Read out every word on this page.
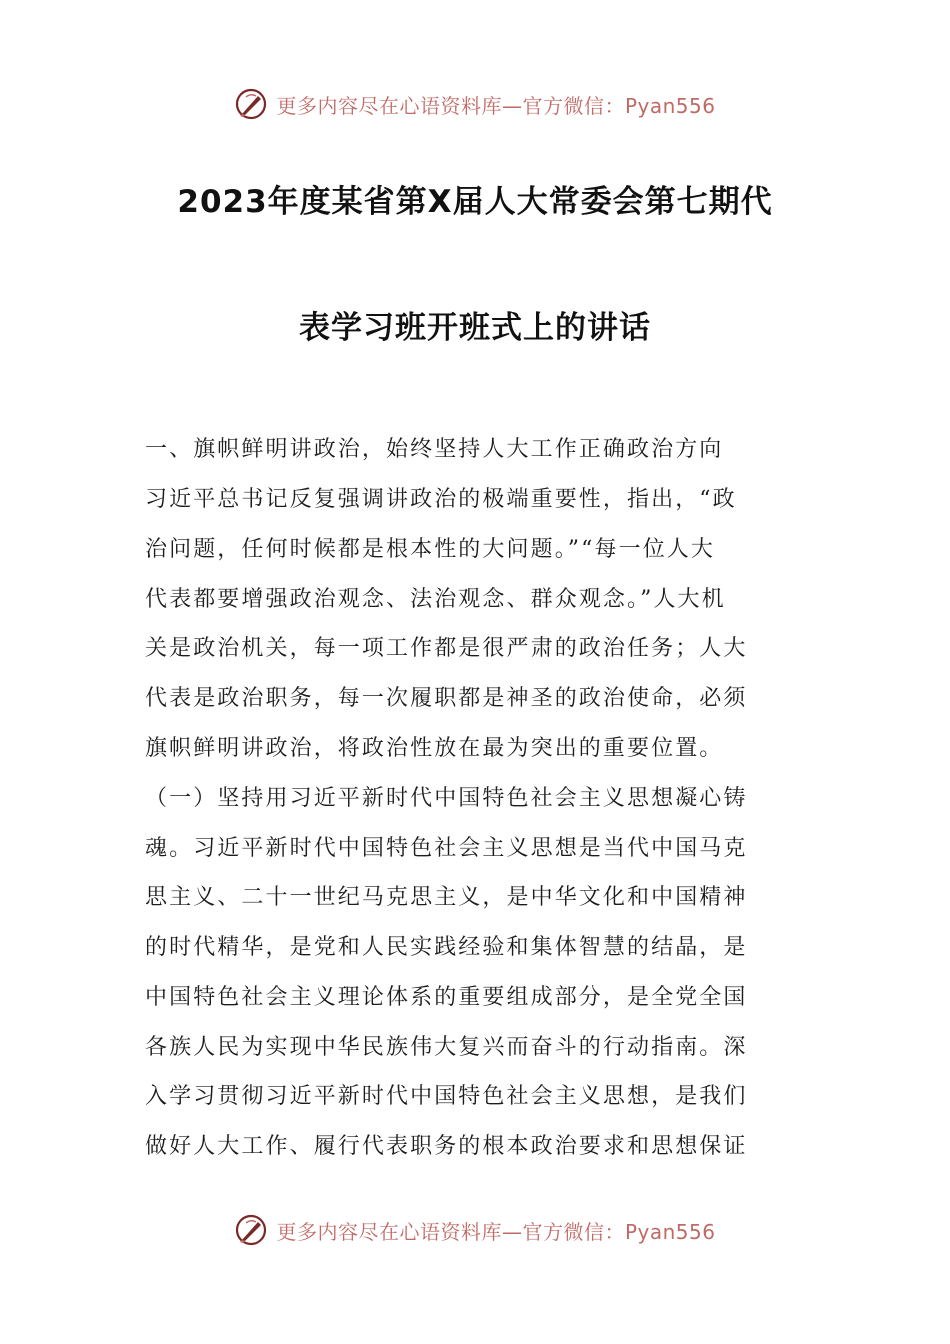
更多内容尽在心语资料库—官方微信：Pyan556
2023年度某省第X届人大常委会第七期代
表学习班开班式上的讲话
一、旗帜鲜明讲政治，始终坚持人大工作正确政治方向
习近平总书记反复强调讲政治的极端重要性，指出，“政
治问题，任何时候都是根本性的大问题。”“每一位人大
代表都要增强政治观念、法治观念、群众观念。”人大机
关是政治机关，每一项工作都是很严肃的政治任务；人大
代表是政治职务，每一次履职都是神圣的政治使命，必须
旗帜鲜明讲政治，将政治性放在最为突出的重要位置。
（一）坚持用习近平新时代中国特色社会主义思想凝心铸
魂。习近平新时代中国特色社会主义思想是当代中国马克
思主义、二十一世纪马克思主义，是中华文化和中国精神
的时代精华，是党和人民实践经验和集体智慧的结晶，是
中国特色社会主义理论体系的重要组成部分，是全党全国
各族人民为实现中华民族伟大复兴而奋斗的行动指南。深
入学习贯彻习近平新时代中国特色社会主义思想，是我们
做好人大工作、履行代表职务的根本政治要求和思想保证
更多内容尽在心语资料库—官方微信：Pyan556
